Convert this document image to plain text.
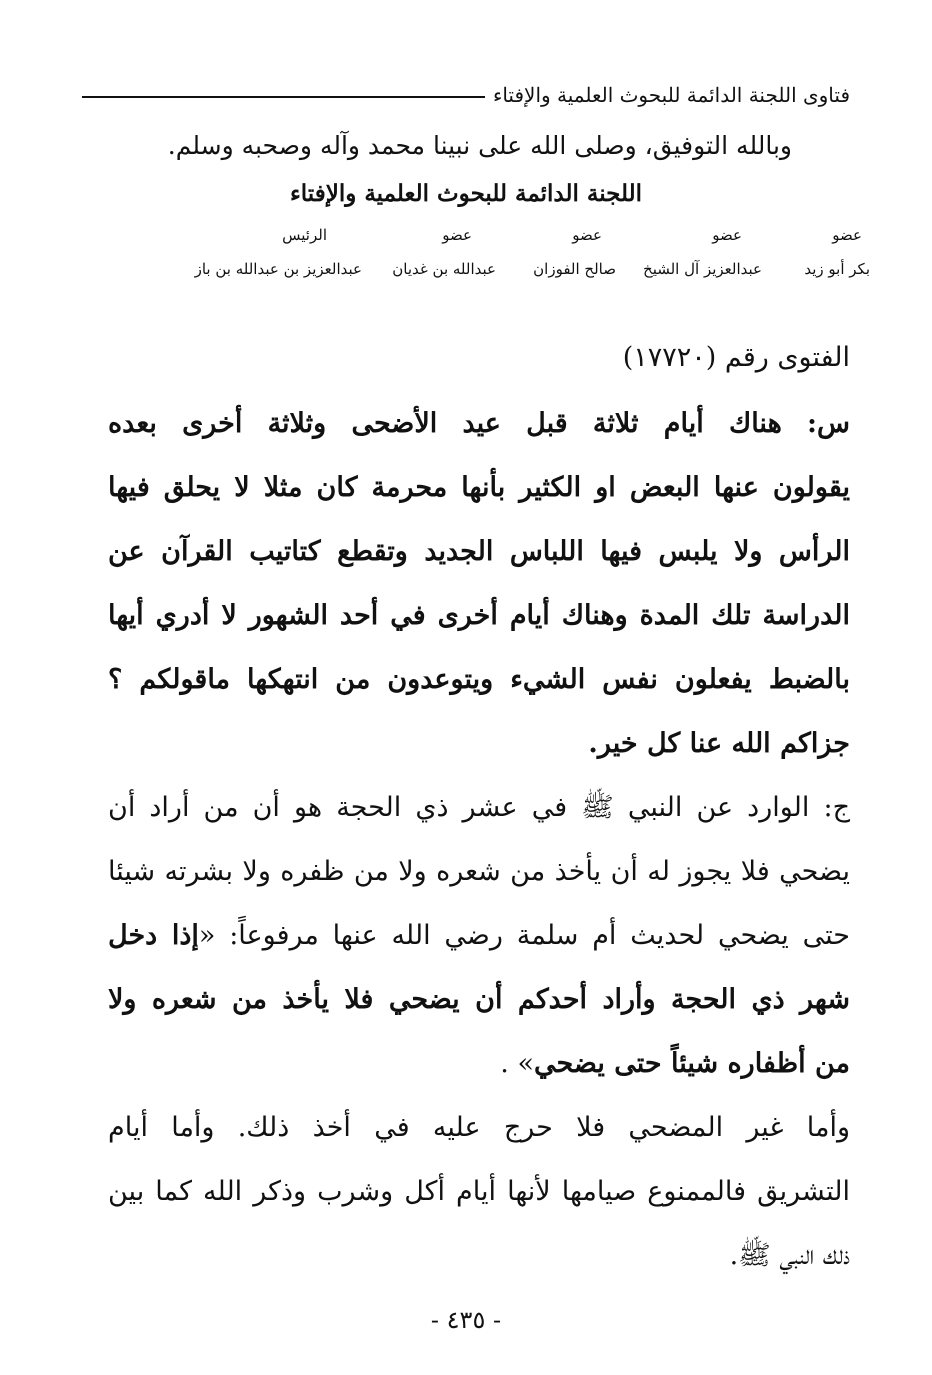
فتاوى اللجنة الدائمة للبحوث العلمية والإفتاء
وبالله التوفيق، وصلى الله على نبينا محمد وآله وصحبه وسلم.
اللجنة الدائمة للبحوث العلمية والإفتاء
عضو
عضو
عضو
عضو
الرئيس
بكر أبو زيد
عبدالعزيز آل الشيخ
صالح الفوزان
عبدالله بن غديان
عبدالعزيز بن عبدالله بن باز
الفتوى رقم (١٧٧٢٠)
س: هناك أيام ثلاثة قبل عيد الأضحى وثلاثة أخرى بعده
يقولون عنها البعض او الكثير بأنها محرمة كان مثلا لا يحلق فيها
الرأس ولا يلبس فيها اللباس الجديد وتقطع كتاتيب القرآن عن
الدراسة تلك المدة وهناك أيام أخرى في أحد الشهور لا أدري أيها
بالضبط يفعلون نفس الشيء ويتوعدون من انتهكها ماقولكم ؟
جزاكم الله عنا كل خير.
ج: الوارد عن النبي ﷺ في عشر ذي الحجة هو أن من أراد أن
يضحي فلا يجوز له أن يأخذ من شعره ولا من ظفره ولا بشرته شيئا
حتى يضحي لحديث أم سلمة رضي الله عنها مرفوعاً: «إذا دخل
شهر ذي الحجة وأراد أحدكم أن يضحي فلا يأخذ من شعره ولا
من أظفاره شيئاً حتى يضحي» .
وأما غير المضحي فلا حرج عليه في أخذ ذلك. وأما أيام
التشريق فالممنوع صيامها لأنها أيام أكل وشرب وذكر الله كما بين
ذلك النبي ﷺ.
- ٤٣٥ -
